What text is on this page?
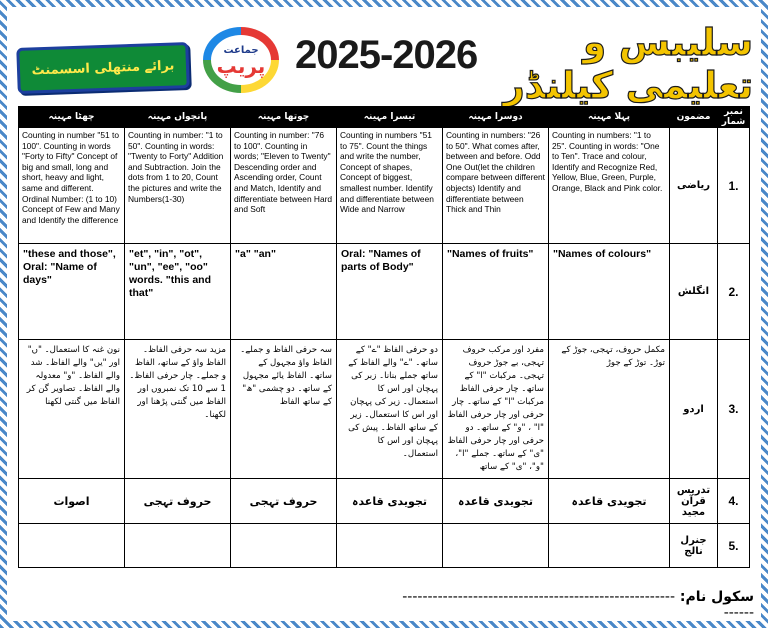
برائے منتھلی اسسمنٹ
جماعت
پریپ 2025-2026	سلیبس و تعلیمی کیلنڈر
چھٹا مہینہ	پانچواں مہینہ	چوتھا مہینہ	تیسرا مہینہ	دوسرا مہینہ	پہلا مہینہ	مضمون	نمبر شمار
Counting in number "51 to 100". Counting in words "Forty to Fifty" Concept of big and small, long and short, heavy and light, same and different. Ordinal Number: (1 to 10) Concept of Few and Many and Identify the difference	Counting in number: "1 to 50". Counting in words: "Twenty to Forty" Addition and Subtraction. Join the dots from 1 to 20, Count the pictures and write the Numbers(1-30)	Counting in number: "76 to 100". Counting in words; "Eleven to Twenty" Descending order and Ascending order, Count and Match, Identify and differentiate between Hard and Soft	Counting in numbers "51 to 75". Count the things and write the number, Concept of shapes, Concept of biggest, smallest number. Identify and differentiate between Wide and Narrow	Counting in numbers: "26 to 50". What comes after, between and before. Odd One Out(let the children compare between different objects) Identify and differentiate between Thick and Thin	Counting in numbers: "1 to 25". Counting in words: "One to Ten". Trace and colour, Identify and Recognize Red, Yellow, Blue, Green, Purple, Orange, Black and Pink color.	ریاضی	1.
"these and those", Oral: "Name of days"	"et", "in", "ot", "un", "ee", "oo" words. "this and that"	"a" "an"	Oral: "Names of parts of Body"	"Names of fruits"	"Names of colours"	انگلش	2.
نون غنہ کا استعمال۔ "ں" اور "یں" والے الفاظ۔ شد والے الفاظ۔ "و" معدولہ والے الفاظ۔ تصاویر گن کر الفاظ میں گنتی لکھنا	مزید سہ حرفی الفاظ۔ الفاظ واؤ کے ساتھ، الفاظ و جملے۔ چار حرفی الفاظ۔ 1 سے 10 تک نمبروں اور الفاظ میں گنتی پڑھنا اور لکھنا۔	سہ حرفی الفاظ و جملے۔ الفاظ واؤ مجہول کے ساتھ۔ الفاظ یائے مجہول کے ساتھ۔ دو چشمی "ھ" کے ساتھ الفاظ	دو حرفی الفاظ "ے" کے ساتھ۔ "ے" والے الفاظ کے ساتھ جملے بنانا۔ زبر کی پہچان اور اس کا استعمال۔ زیر کی پہچان اور اس کا استعمال۔ زیر کے ساتھ الفاظ۔ پیش کی پہچان اور اس کا استعمال۔	مفرد اور مرکب حروف تہجی، بے جوڑ حروف تہجی۔ مرکبات "ا" کے ساتھ۔ چار حرفی الفاظ مرکبات "ا" کے ساتھ۔ چار حرفی اور چار حرفی الفاظ "ا" ، "و" کے ساتھ۔ دو حرفی اور چار حرفی الفاظ "ی" کے ساتھ۔ جملے "ا"، "و"، "ی" کے ساتھ	مکمل حروف، تہجی، جوڑ کے توڑ۔ توڑ کے جوڑ	اردو	3.
اصوات	حروف تہجی	حروف تہجی	تجویدی قاعدہ	تجویدی قاعدہ	تجویدی قاعدہ	تدریس قرآن مجید	4.
						جنرل نالج	5.
سکول نام: ------------------------------------------------------------
